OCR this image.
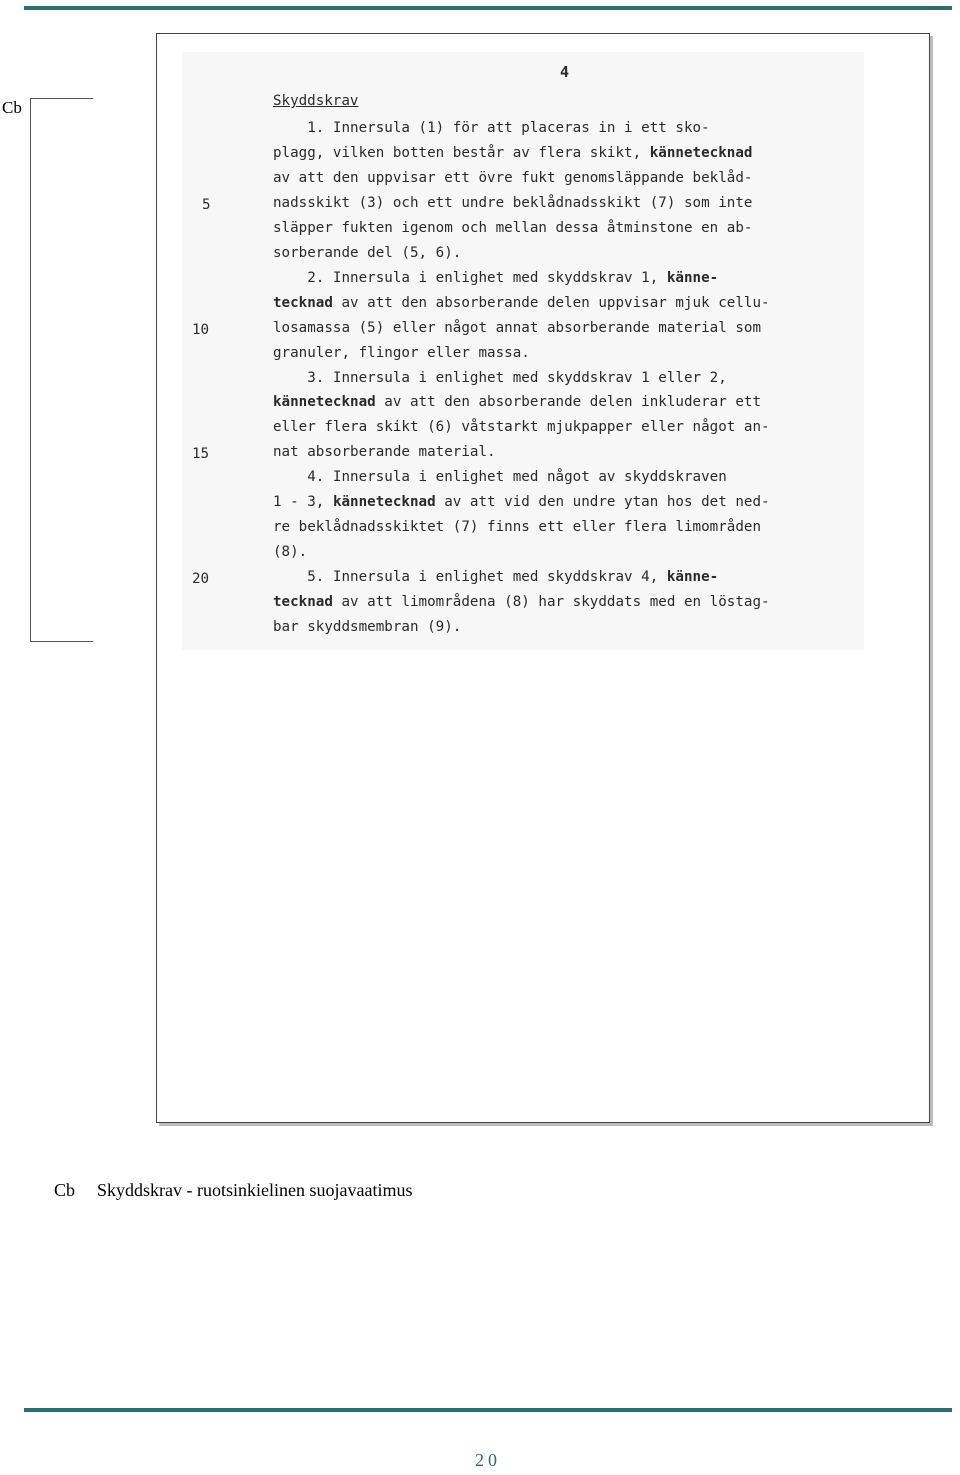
Cb
4
Skyddskrav
1. Innersula (1) för att placeras in i ett sko-
plagg, vilken botten består av flera skikt, kännetecknad
av att den uppvisar ett övre fukt genomsläppande beklåd-
nadsskikt (3) och ett undre beklådnadsskikt (7) som inte
släpper fukten igenom och mellan dessa åtminstone en ab-
sorberande del (5, 6).
2. Innersula i enlighet med skyddskrav 1, känne-
tecknad av att den absorberande delen uppvisar mjuk cellu-
losamassa (5) eller något annat absorberande material som
granuler, flingor eller massa.
3. Innersula i enlighet med skyddskrav 1 eller 2,
kännetecknad av att den absorberande delen inkluderar ett
eller flera skikt (6) våtstarkt mjukpapper eller något an-
nat absorberande material.
4. Innersula i enlighet med något av skyddskraven
1 - 3, kännetecknad av att vid den undre ytan hos det ned-
re beklådnadsskiktet (7) finns ett eller flera limområden
(8).
5. Innersula i enlighet med skyddskrav 4, känne-
tecknad av att limområdena (8) har skyddats med en löstag-
bar skyddsmembran (9).
5
10
15
20
Cb Skyddskrav - ruotsinkielinen suojavaatimus
20
